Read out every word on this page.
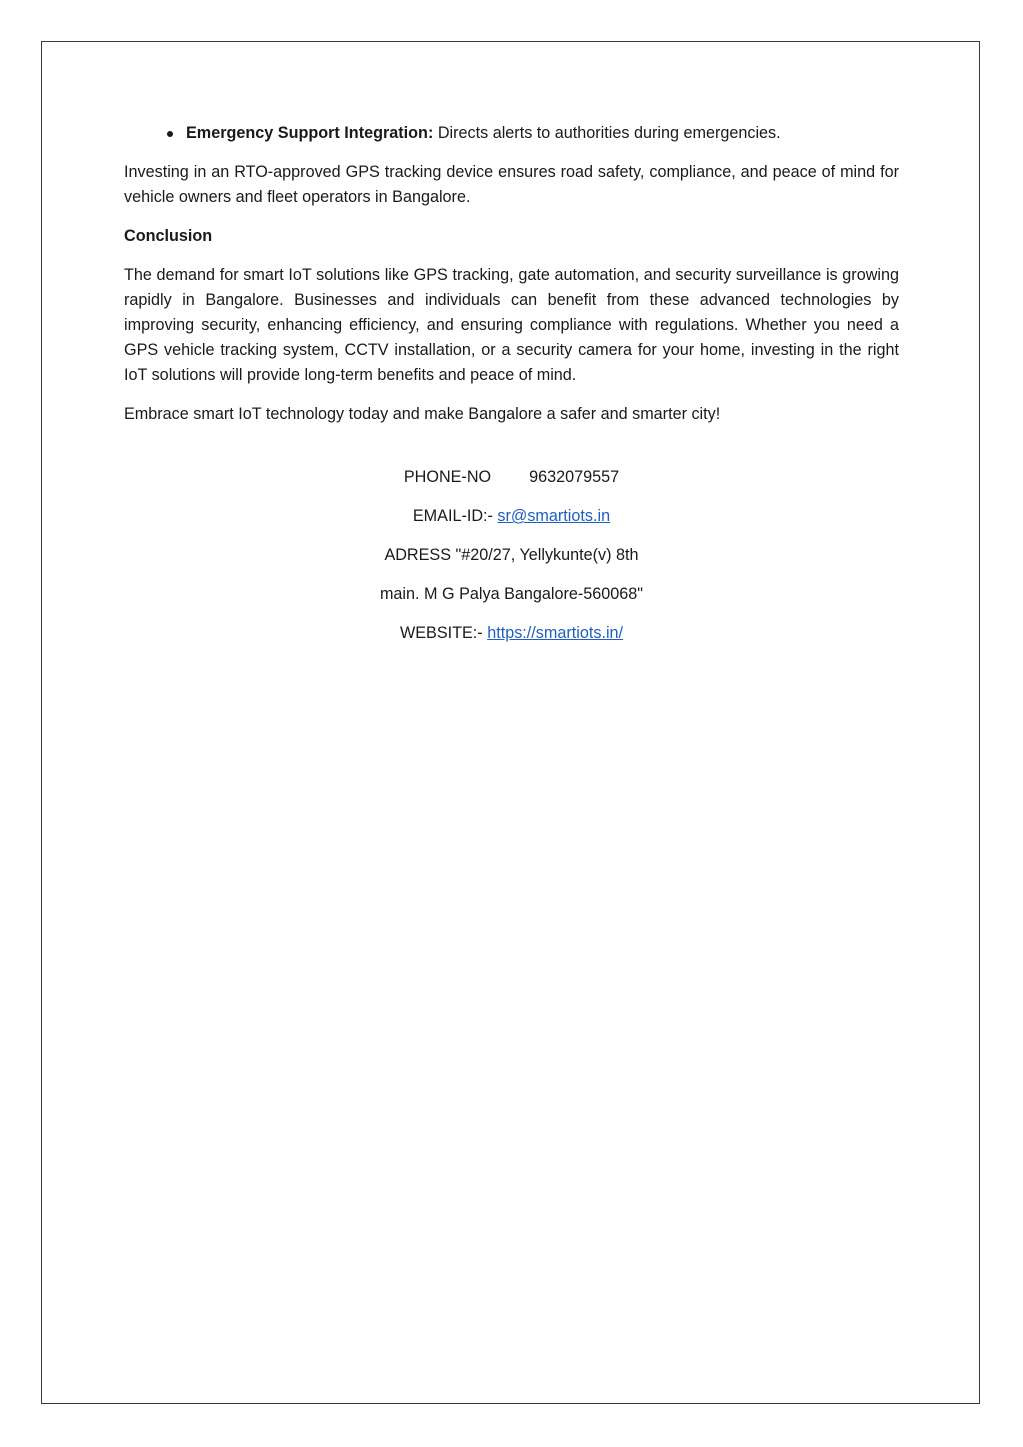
Emergency Support Integration: Directs alerts to authorities during emergencies.

Investing in an RTO-approved GPS tracking device ensures road safety, compliance, and peace of mind for vehicle owners and fleet operators in Bangalore.

Conclusion

The demand for smart IoT solutions like GPS tracking, gate automation, and security surveillance is growing rapidly in Bangalore. Businesses and individuals can benefit from these advanced technologies by improving security, enhancing efficiency, and ensuring compliance with regulations. Whether you need a GPS vehicle tracking system, CCTV installation, or a security camera for your home, investing in the right IoT solutions will provide long-term benefits and peace of mind.

Embrace smart IoT technology today and make Bangalore a safer and smarter city!

PHONE-NO 9632079557
EMAIL-ID:- sr@smartiots.in
ADRESS "#20/27, Yellykunte(v) 8th
main. M G Palya Bangalore-560068"
WEBSITE:- https://smartiots.in/
